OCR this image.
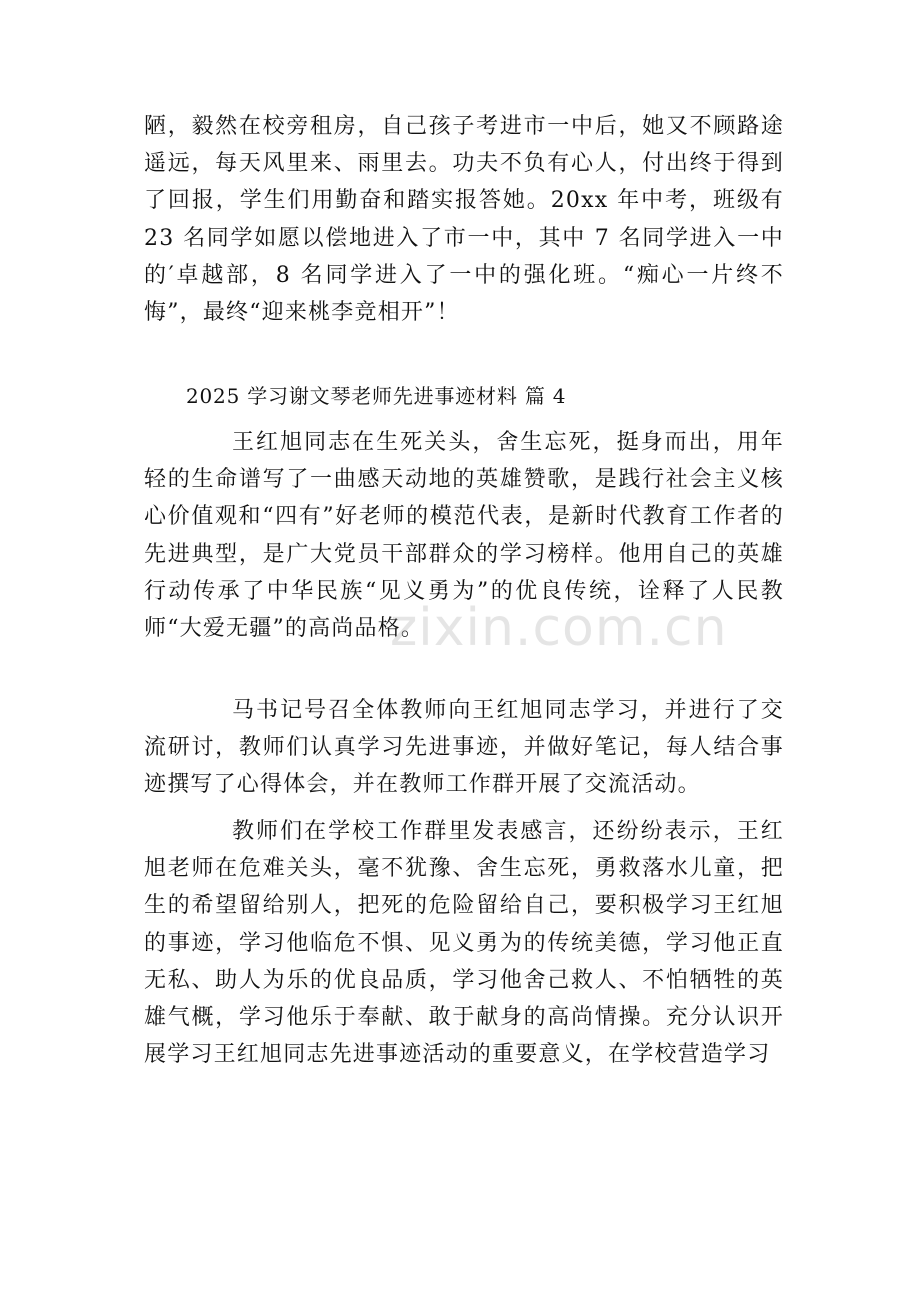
陋，毅然在校旁租房，自己孩子考进市一中后，她又不顾路途遥远，每天风里来、雨里去。功夫不负有心人，付出终于得到了回报，学生们用勤奋和踏实报答她。20xx 年中考，班级有 23 名同学如愿以偿地进入了市一中，其中 7 名同学进入一中的′卓越部，8 名同学进入了一中的强化班。“痴心一片终不悔”，最终“迎来桃李竞相开”！
2025 学习谢文琴老师先进事迹材料 篇 4
王红旭同志在生死关头，舍生忘死，挺身而出，用年轻的生命谱写了一曲感天动地的英雄赞歌，是践行社会主义核心价值观和“四有”好老师的模范代表，是新时代教育工作者的先进典型，是广大党员干部群众的学习榜样。他用自己的英雄行动传承了中华民族“见义勇为”的优良传统，诠释了人民教师“大爱无疆”的高尚品格。
马书记号召全体教师向王红旭同志学习，并进行了交流研讨，教师们认真学习先进事迹，并做好笔记，每人结合事迹撰写了心得体会，并在教师工作群开展了交流活动。
教师们在学校工作群里发表感言，还纷纷表示，王红旭老师在危难关头，毫不犹豫、舍生忘死，勇救落水儿童，把生的希望留给别人，把死的危险留给自己，要积极学习王红旭的事迹，学习他临危不惧、见义勇为的传统美德，学习他正直无私、助人为乐的优良品质，学习他舍己救人、不怕牺牲的英雄气概，学习他乐于奉献、敢于献身的高尚情操。充分认识开展学习王红旭同志先进事迹活动的重要意义，在学校营造学习
zixin.com.cn
